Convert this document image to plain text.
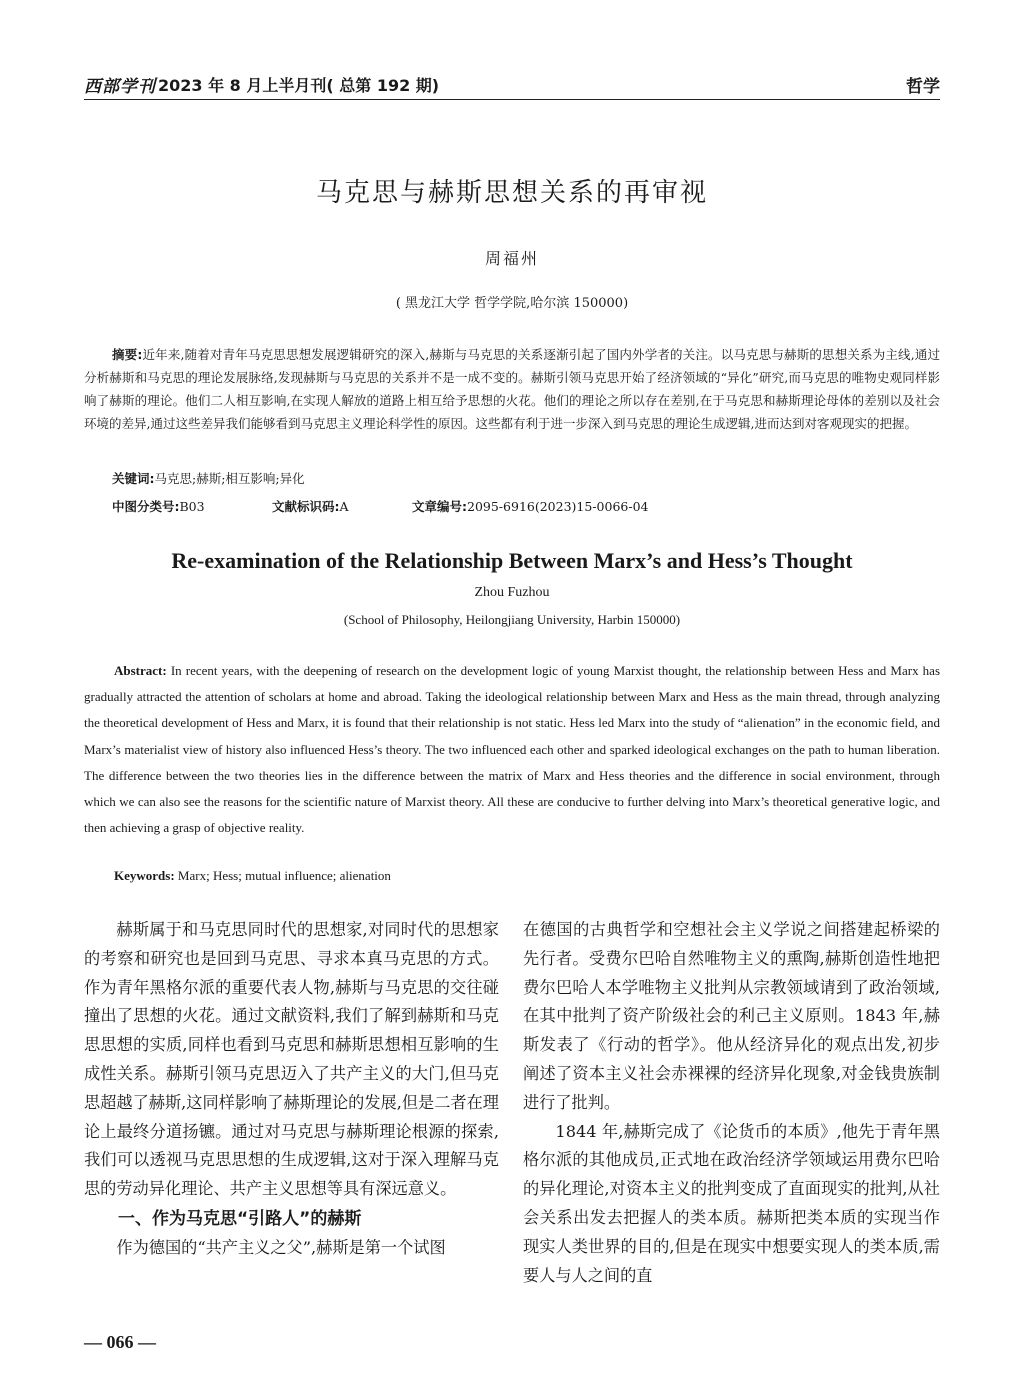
西部学刊 2023 年 8 月上半月刊( 总第 192 期)	哲学
马克思与赫斯思想关系的再审视
周福州
( 黑龙江大学 哲学学院,哈尔滨 150000)
摘要:近年来,随着对青年马克思思想发展逻辑研究的深入,赫斯与马克思的关系逐渐引起了国内外学者的关注。以马克思与赫斯的思想关系为主线,通过分析赫斯和马克思的理论发展脉络,发现赫斯与马克思的关系并不是一成不变的。赫斯引领马克思开始了经济领域的“异化”研究,而马克思的唯物史观同样影响了赫斯的理论。他们二人相互影响,在实现人解放的道路上相互给予思想的火花。他们的理论之所以存在差别,在于马克思和赫斯理论母体的差别以及社会环境的差异,通过这些差异我们能够看到马克思主义理论科学性的原因。这些都有利于进一步深入到马克思的理论生成逻辑,进而达到对客观现实的把握。
关键词:马克思;赫斯;相互影响;异化
中图分类号:B03	文献标识码:A	文章编号:2095-6916(2023)15-0066-04
Re-examination of the Relationship Between Marx’s and Hess’s Thought
Zhou Fuzhou
(School of Philosophy, Heilongjiang University, Harbin 150000)
Abstract: In recent years, with the deepening of research on the development logic of young Marxist thought, the relationship between Hess and Marx has gradually attracted the attention of scholars at home and abroad. Taking the ideological relationship between Marx and Hess as the main thread, through analyzing the theoretical development of Hess and Marx, it is found that their relationship is not static. Hess led Marx into the study of “alienation” in the economic field, and Marx’s materialist view of history also influenced Hess’s theory. The two influenced each other and sparked ideological exchanges on the path to human liberation. The difference between the two theories lies in the difference between the matrix of Marx and Hess theories and the difference in social environment, through which we can also see the reasons for the scientific nature of Marxist theory. All these are conducive to further delving into Marx’s theoretical generative logic, and then achieving a grasp of objective reality.
Keywords: Marx; Hess; mutual influence; alienation

赫斯属于和马克思同时代的思想家,对同时代的思想家的考察和研究也是回到马克思、寻求本真马克思的方式。作为青年黑格尔派的重要代表人物,赫斯与马克思的交往碰撞出了思想的火花。通过文献资料,我们了解到赫斯和马克思思想的实质,同样也看到马克思和赫斯思想相互影响的生成性关系。赫斯引领马克思迈入了共产主义的大门,但马克思超越了赫斯,这同样影响了赫斯理论的发展,但是二者在理论上最终分道扬镳。通过对马克思与赫斯理论根源的探索,我们可以透视马克思思想的生成逻辑,这对于深入理解马克思的劳动异化理论、共产主义思想等具有深远意义。

一、作为马克思“引路人”的赫斯

作为德国的“共产主义之父”,赫斯是第一个试图

在德国的古典哲学和空想社会主义学说之间搭建起桥梁的先行者。受费尔巴哈自然唯物主义的熏陶,赫斯创造性地把费尔巴哈人本学唯物主义批判从宗教领域请到了政治领域,在其中批判了资产阶级社会的利己主义原则。1843 年,赫斯发表了《行动的哲学》。他从经济异化的观点出发,初步阐述了资本主义社会赤裸裸的经济异化现象,对金钱贵族制进行了批判。

1844 年,赫斯完成了《论货币的本质》,他先于青年黑格尔派的其他成员,正式地在政治经济学领域运用费尔巴哈的异化理论,对资本主义的批判变成了直面现实的批判,从社会关系出发去把握人的类本质。赫斯把类本质的实现当作现实人类世界的目的,但是在现实中想要实现人的类本质,需要人与人之间的直

— 066 —
